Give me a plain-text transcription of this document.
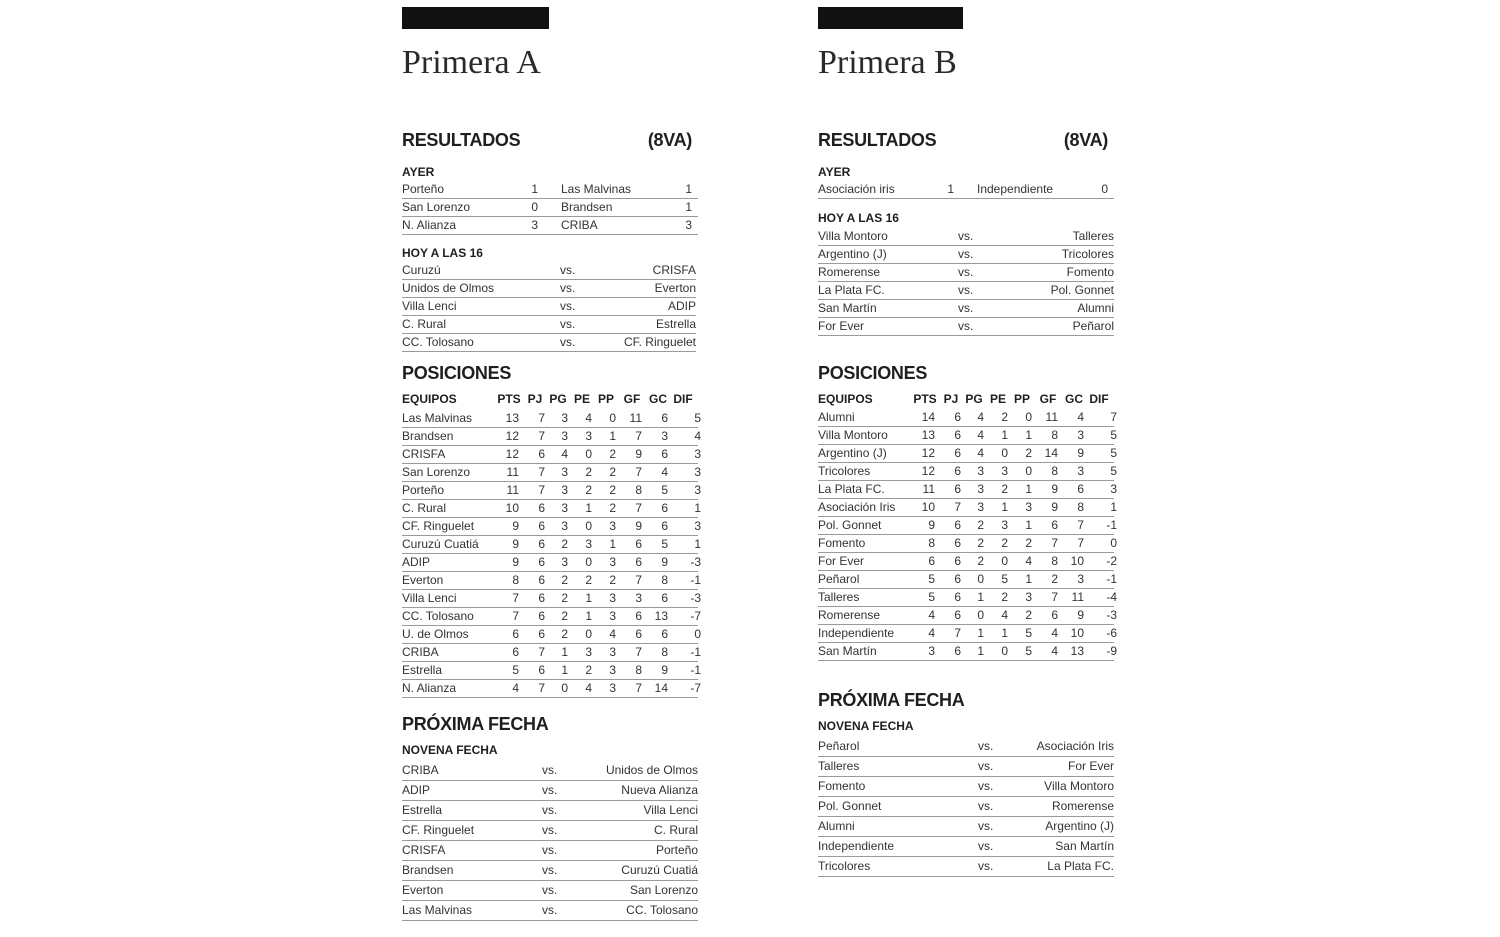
Primera A
RESULTADOS	(8VA)
AYER
Porteño	1 Las Malvinas	1
San Lorenzo	0 Brandsen	1
N. Alianza	3 CRIBA	3
HOY A LAS 16
Curuzú	vs.	CRISFA
Unidos de Olmos	vs.	Everton
Villa Lenci	vs.	ADIP
C. Rural	vs.	Estrella
CC. Tolosano	vs.	CF. Ringuelet
POSICIONES
EQUIPOS	PTS PJ PG PE PP GF GC DIF
Las Malvinas	13	7	3	4	0	11	6	5
Brandsen	12	7	3	3	1	7	3	4
CRISFA	12	6	4	0	2	9	6	3
San Lorenzo	11	7	3	2	2	7	4	3
Porteño	11	7	3	2	2	8	5	3
C. Rural	10	6	3	1	2	7	6	1
CF. Ringuelet	9	6	3	0	3	9	6	3
Curuzú Cuatiá	9	6	2	3	1	6	5	1
ADIP	9	6	3	0	3	6	9	-3
Everton	8	6	2	2	2	7	8	-1
Villa Lenci	7	6	2	1	3	3	6	-3
CC. Tolosano	7	6	2	1	3	6	13	-7
U. de Olmos	6	6	2	0	4	6	6	0
CRIBA	6	7	1	3	3	7	8	-1
Estrella	5	6	1	2	3	8	9	-1
N. Alianza	4	7	0	4	3	7	14	-7
PRÓXIMA FECHA
NOVENA FECHA
CRIBA	vs.	Unidos de Olmos
ADIP	vs.	Nueva Alianza
Estrella	vs.	Villa Lenci
CF. Ringuelet	vs.	C. Rural
CRISFA	vs.	Porteño
Brandsen	vs.	Curuzú Cuatiá
Everton	vs.	San Lorenzo
Las Malvinas	vs.	CC. Tolosano
Primera B
RESULTADOS	(8VA)
AYER
Asociación iris	1 Independiente	0
HOY A LAS 16
Villa Montoro	vs.	Talleres
Argentino (J)	vs.	Tricolores
Romerense	vs.	Fomento
La Plata FC.	vs.	Pol. Gonnet
San Martín	vs.	Alumni
For Ever	vs.	Peñarol
POSICIONES
EQUIPOS	PTS PJ PG PE PP GF GC DIF
Alumni	14	6	4	2	0	11	4	7
Villa Montoro	13	6	4	1	1	8	3	5
Argentino (J)	12	6	4	0	2	14	9	5
Tricolores	12	6	3	3	0	8	3	5
La Plata FC.	11	6	3	2	1	9	6	3
Asociación Iris	10	7	3	1	3	9	8	1
Pol. Gonnet	9	6	2	3	1	6	7	-1
Fomento	8	6	2	2	2	7	7	0
For Ever	6	6	2	0	4	8	10	-2
Peñarol	5	6	0	5	1	2	3	-1
Talleres	5	6	1	2	3	7	11	-4
Romerense	4	6	0	4	2	6	9	-3
Independiente	4	7	1	1	5	4	10	-6
San Martín	3	6	1	0	5	4	13	-9
PRÓXIMA FECHA
NOVENA FECHA
Peñarol	vs.	Asociación Iris
Talleres	vs.	For Ever
Fomento	vs.	Villa Montoro
Pol. Gonnet	vs.	Romerense
Alumni	vs.	Argentino (J)
Independiente	vs.	San Martín
Tricolores	vs.	La Plata FC.
